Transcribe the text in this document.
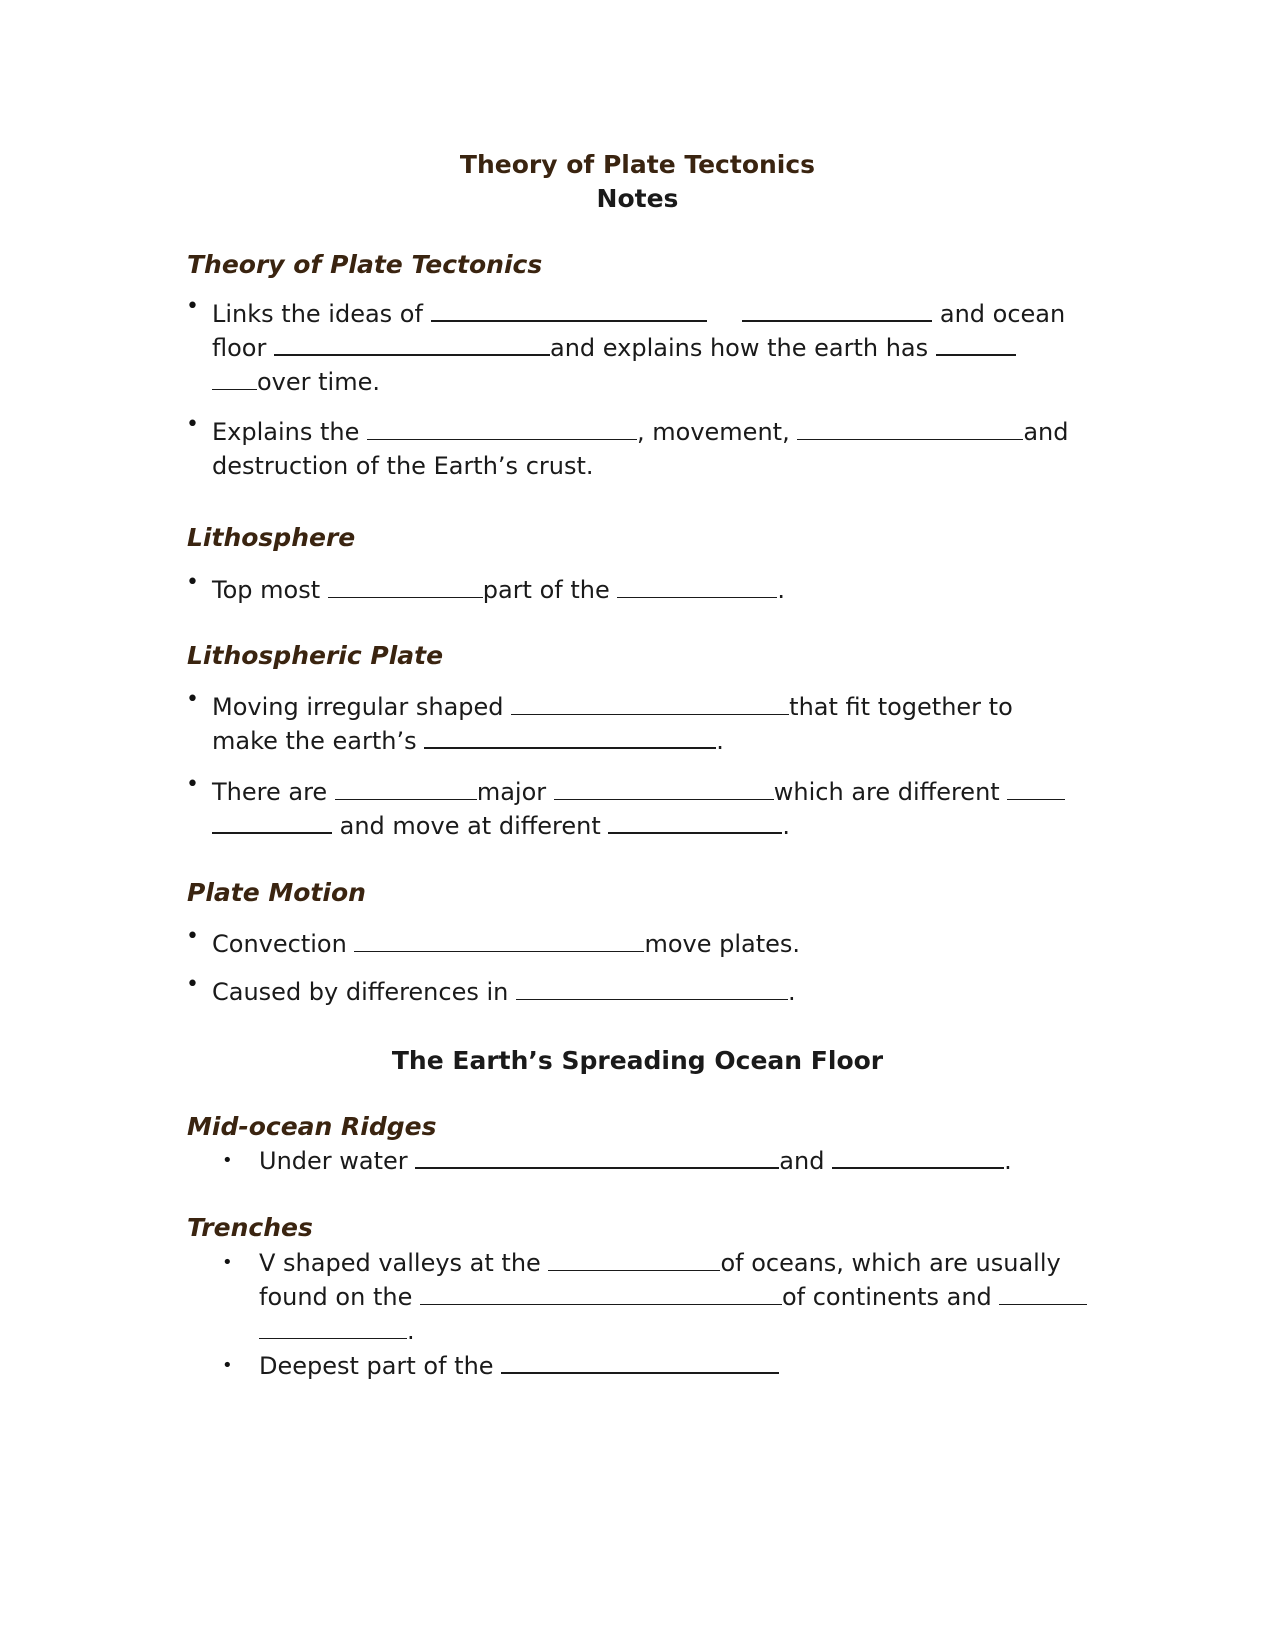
Theory of Plate Tectonics
Notes
Theory of Plate Tectonics
• Links the ideas of	and ocean
floor	and explains how the earth has
over time.
• Explains the	, movement,	and
destruction of the Earth’s crust.
Lithosphere
• Top most	part of the	.
Lithospheric Plate
• Moving irregular shaped	that fit together to
make the earth’s	.
• There are	major	which are different
and move at different	.
Plate Motion
• Convection	move plates.
• Caused by differences in	.
The Earth’s Spreading Ocean Floor
Mid-ocean Ridges
• Under water	and	.
Trenches
• V shaped valleys at the	of oceans, which are usually
found on the	of continents and
.
• Deepest part of the
